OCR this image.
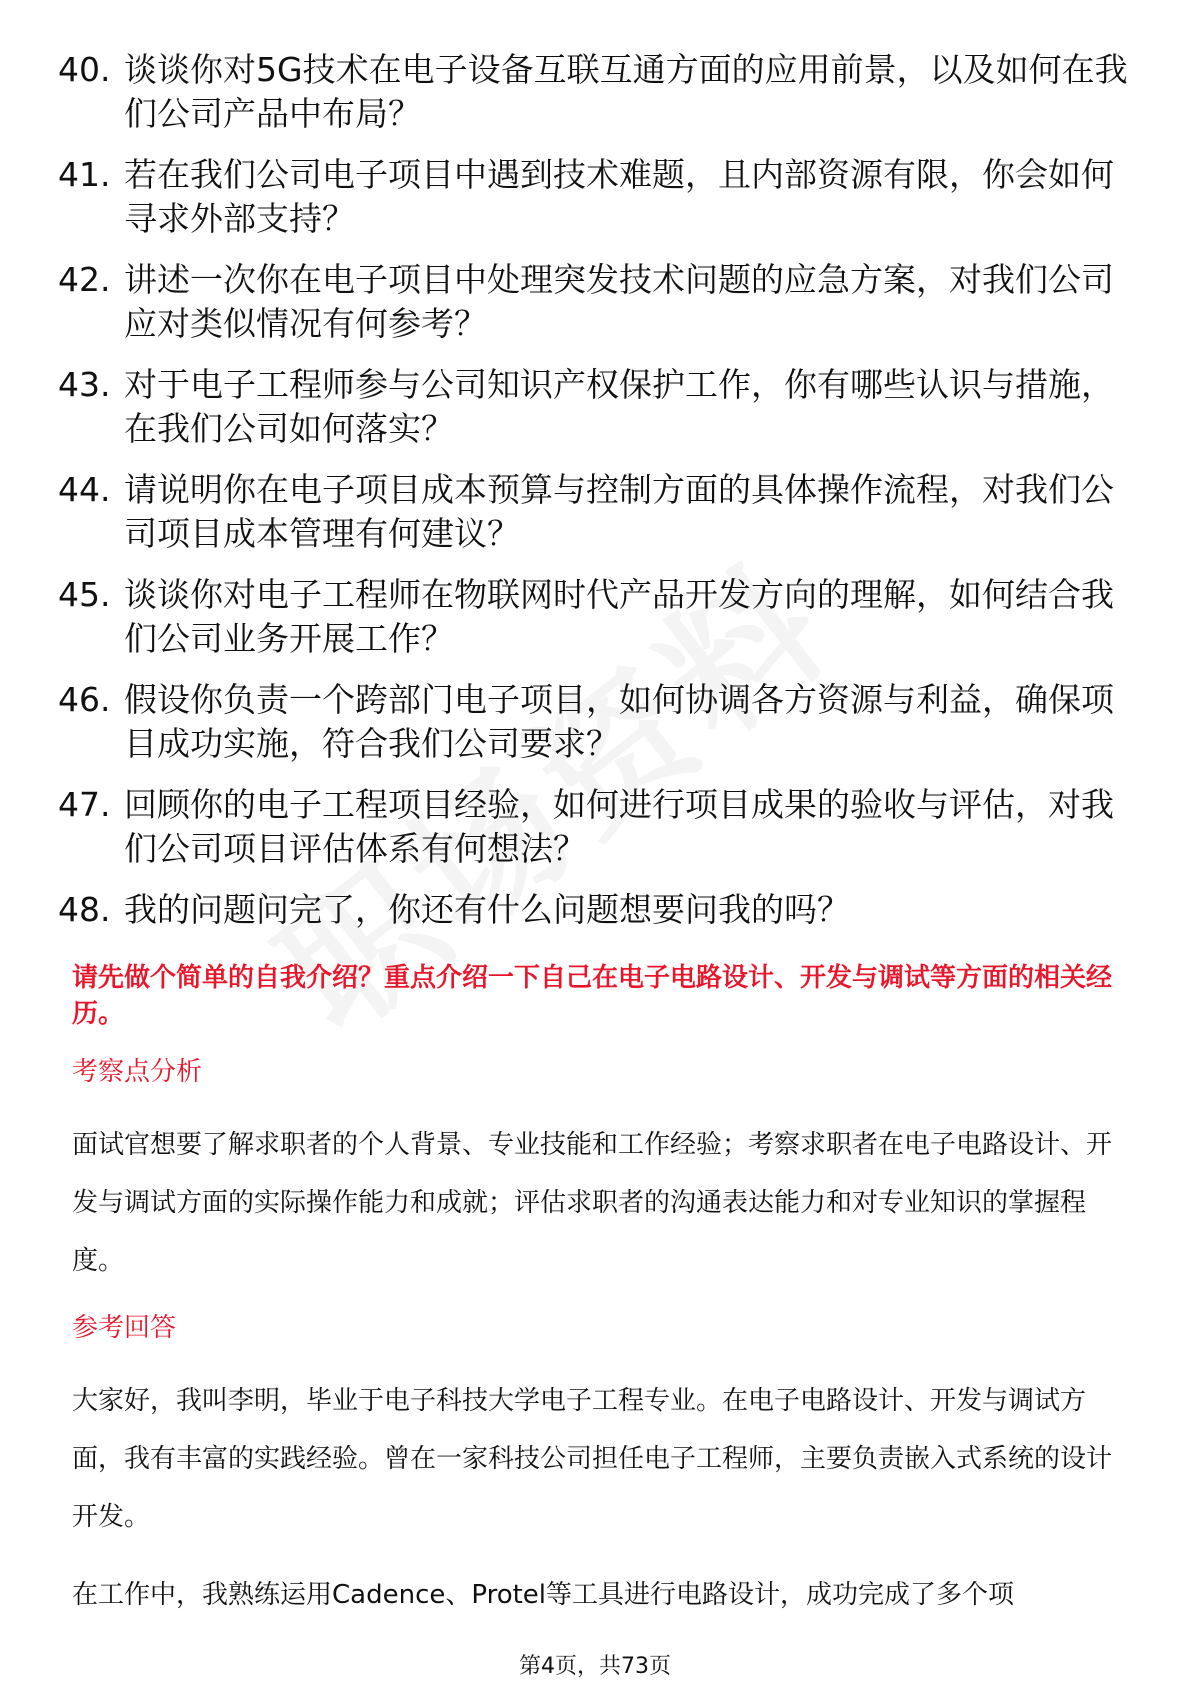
40. 谈谈你对5G技术在电子设备互联互通方面的应用前景，以及如何在我们公司产品中布局？
41. 若在我们公司电子项目中遇到技术难题，且内部资源有限，你会如何寻求外部支持？
42. 讲述一次你在电子项目中处理突发技术问题的应急方案，对我们公司应对类似情况有何参考？
43. 对于电子工程师参与公司知识产权保护工作，你有哪些认识与措施，在我们公司如何落实？
44. 请说明你在电子项目成本预算与控制方面的具体操作流程，对我们公司项目成本管理有何建议？
45. 谈谈你对电子工程师在物联网时代产品开发方向的理解，如何结合我们公司业务开展工作？
46. 假设你负责一个跨部门电子项目，如何协调各方资源与利益，确保项目成功实施，符合我们公司要求？
47. 回顾你的电子工程项目经验，如何进行项目成果的验收与评估，对我们公司项目评估体系有何想法？
48. 我的问题问完了，你还有什么问题想要问我的吗？
请先做个简单的自我介绍？重点介绍一下自己在电子电路设计、开发与调试等方面的相关经历。
考察点分析
面试官想要了解求职者的个人背景、专业技能和工作经验；考察求职者在电子电路设计、开发与调试方面的实际操作能力和成就；评估求职者的沟通表达能力和对专业知识的掌握程度。
参考回答
大家好，我叫李明，毕业于电子科技大学电子工程专业。在电子电路设计、开发与调试方面，我有丰富的实践经验。曾在一家科技公司担任电子工程师，主要负责嵌入式系统的设计开发。
在工作中，我熟练运用Cadence、Protel等工具进行电路设计，成功完成了多个项
第4页，共73页
